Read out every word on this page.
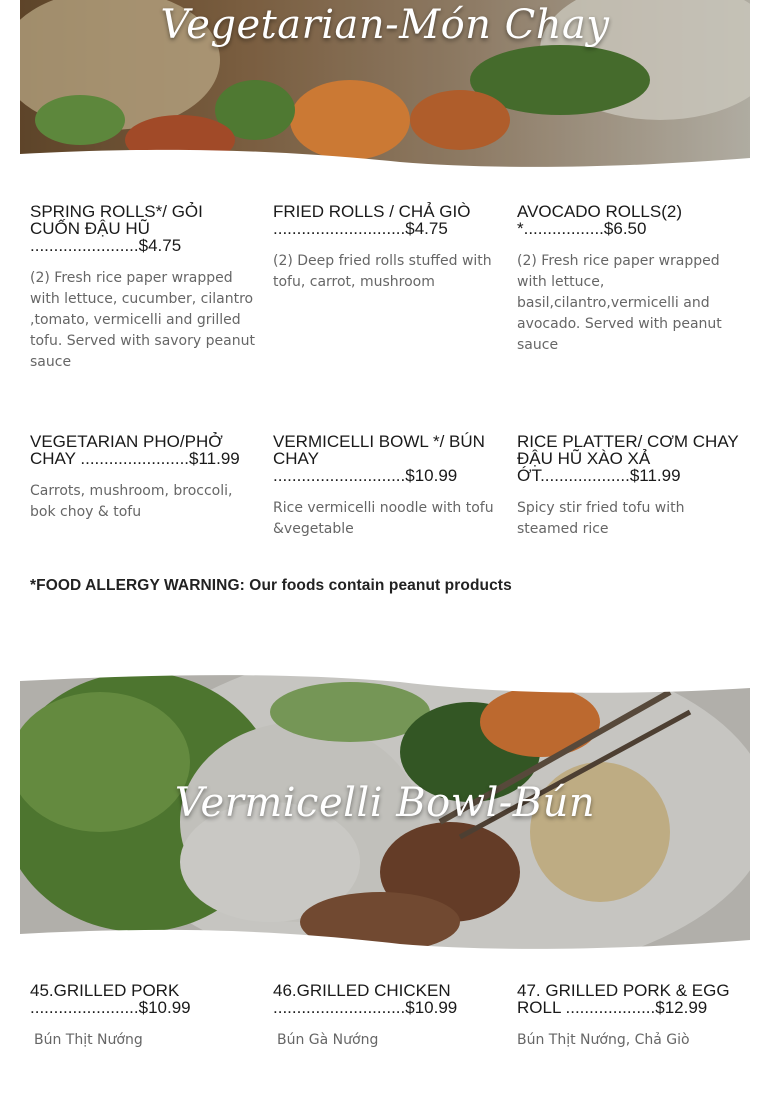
Vegetarian-Món Chay
SPRING ROLLS*/ GỎI CUỐN ĐẬU HŨ .......................$4.75
(2) Fresh rice paper wrapped with lettuce, cucumber, cilantro ,tomato, vermicelli and grilled tofu. Served with savory peanut sauce
FRIED ROLLS / CHẢ GIÒ ............................$4.75
(2) Deep fried rolls stuffed with tofu, carrot, mushroom
AVOCADO ROLLS(2) *.................$6.50
(2) Fresh rice paper wrapped with lettuce, basil,cilantro,vermicelli and avocado. Served with peanut sauce
VEGETARIAN PHO/PHỞ CHAY .......................$11.99
Carrots, mushroom, broccoli, bok choy & tofu
VERMICELLI BOWL */ BÚN CHAY ............................$10.99
Rice vermicelli noodle with tofu &vegetable
RICE PLATTER/ CƠM CHAY ĐẬU HŨ XÀO XẢ ỚT...................$11.99
Spicy stir fried tofu with steamed rice
*FOOD ALLERGY WARNING: Our foods contain peanut products
Vermicelli Bowl-Bún
45.GRILLED PORK .......................$10.99
Bún Thịt Nướng
46.GRILLED CHICKEN ............................$10.99
Bún Gà Nướng
47. GRILLED PORK & EGG ROLL ...................$12.99
Bún Thịt Nướng, Chả Giò
